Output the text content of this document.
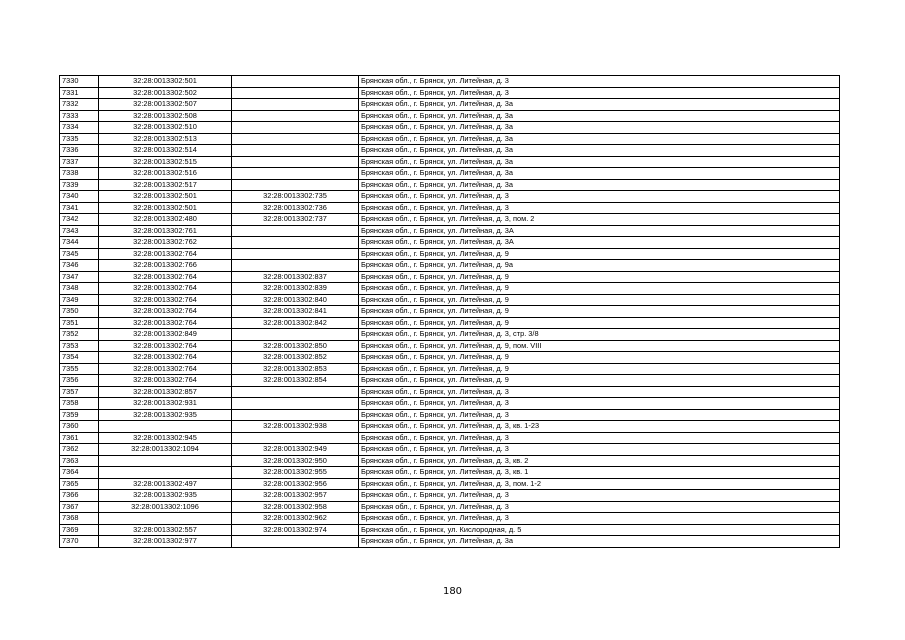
7330	32:28:0013302:501		Брянская обл., г. Брянск, ул. Литейная, д. 3
7331	32:28:0013302:502		Брянская обл., г. Брянск, ул. Литейная, д. 3
7332	32:28:0013302:507		Брянская обл., г. Брянск, ул. Литейная, д. 3а
7333	32:28:0013302:508		Брянская обл., г. Брянск, ул. Литейная, д. 3а
7334	32:28:0013302:510		Брянская обл., г. Брянск, ул. Литейная, д. 3а
7335	32:28:0013302:513		Брянская обл., г. Брянск, ул. Литейная, д. 3а
7336	32:28:0013302:514		Брянская обл., г. Брянск, ул. Литейная, д. 3а
7337	32:28:0013302:515		Брянская обл., г. Брянск, ул. Литейная, д. 3а
7338	32:28:0013302:516		Брянская обл., г. Брянск, ул. Литейная, д. 3а
7339	32:28:0013302:517		Брянская обл., г. Брянск, ул. Литейная, д. 3а
7340	32:28:0013302:501	32:28:0013302:735	Брянская обл., г. Брянск, ул. Литейная, д. 3
7341	32:28:0013302:501	32:28:0013302:736	Брянская обл., г. Брянск, ул. Литейная, д. 3
7342	32:28:0013302:480	32:28:0013302:737	Брянская обл., г. Брянск, ул. Литейная, д. 3, пом. 2
7343	32:28:0013302:761		Брянская обл., г. Брянск, ул. Литейная, д. 3А
7344	32:28:0013302:762		Брянская обл., г. Брянск, ул. Литейная, д. 3А
7345	32:28:0013302:764		Брянская обл., г. Брянск, ул. Литейная, д. 9
7346	32:28:0013302:766		Брянская обл., г. Брянск, ул. Литейная, д. 9а
7347	32:28:0013302:764	32:28:0013302:837	Брянская обл., г. Брянск, ул. Литейная, д. 9
7348	32:28:0013302:764	32:28:0013302:839	Брянская обл., г. Брянск, ул. Литейная, д. 9
7349	32:28:0013302:764	32:28:0013302:840	Брянская обл., г. Брянск, ул. Литейная, д. 9
7350	32:28:0013302:764	32:28:0013302:841	Брянская обл., г. Брянск, ул. Литейная, д. 9
7351	32:28:0013302:764	32:28:0013302:842	Брянская обл., г. Брянск, ул. Литейная, д. 9
7352	32:28:0013302:849		Брянская обл., г. Брянск, ул. Литейная, д. 3, стр. 3/8
7353	32:28:0013302:764	32:28:0013302:850	Брянская обл., г. Брянск, ул. Литейная, д. 9, пом. VIII
7354	32:28:0013302:764	32:28:0013302:852	Брянская обл., г. Брянск, ул. Литейная, д. 9
7355	32:28:0013302:764	32:28:0013302:853	Брянская обл., г. Брянск, ул. Литейная, д. 9
7356	32:28:0013302:764	32:28:0013302:854	Брянская обл., г. Брянск, ул. Литейная, д. 9
7357	32:28:0013302:857		Брянская обл., г. Брянск, ул. Литейная, д. 3
7358	32:28:0013302:931		Брянская обл., г. Брянск, ул. Литейная, д. 3
7359	32:28:0013302:935		Брянская обл., г. Брянск, ул. Литейная, д. 3
7360		32:28:0013302:938	Брянская обл., г. Брянск, ул. Литейная, д. 3, кв. 1-23
7361	32:28:0013302:945		Брянская обл., г. Брянск, ул. Литейная, д. 3
7362	32:28:0013302:1094	32:28:0013302:949	Брянская обл., г. Брянск, ул. Литейная, д. 3
7363		32:28:0013302:950	Брянская обл., г. Брянск, ул. Литейная, д. 3, кв. 2
7364		32:28:0013302:955	Брянская обл., г. Брянск, ул. Литейная, д. 3, кв. 1
7365	32:28:0013302:497	32:28:0013302:956	Брянская обл., г. Брянск, ул. Литейная, д. 3, пом. 1-2
7366	32:28:0013302:935	32:28:0013302:957	Брянская обл., г. Брянск, ул. Литейная, д. 3
7367	32:28:0013302:1096	32:28:0013302:958	Брянская обл., г. Брянск, ул. Литейная, д. 3
7368		32:28:0013302:962	Брянская обл., г. Брянск, ул. Литейная, д. 3
7369	32:28:0013302:557	32:28:0013302:974	Брянская обл., г. Брянск, ул. Кислородная, д. 5
7370	32:28:0013302:977		Брянская обл., г. Брянск, ул. Литейная, д. 3а
180
